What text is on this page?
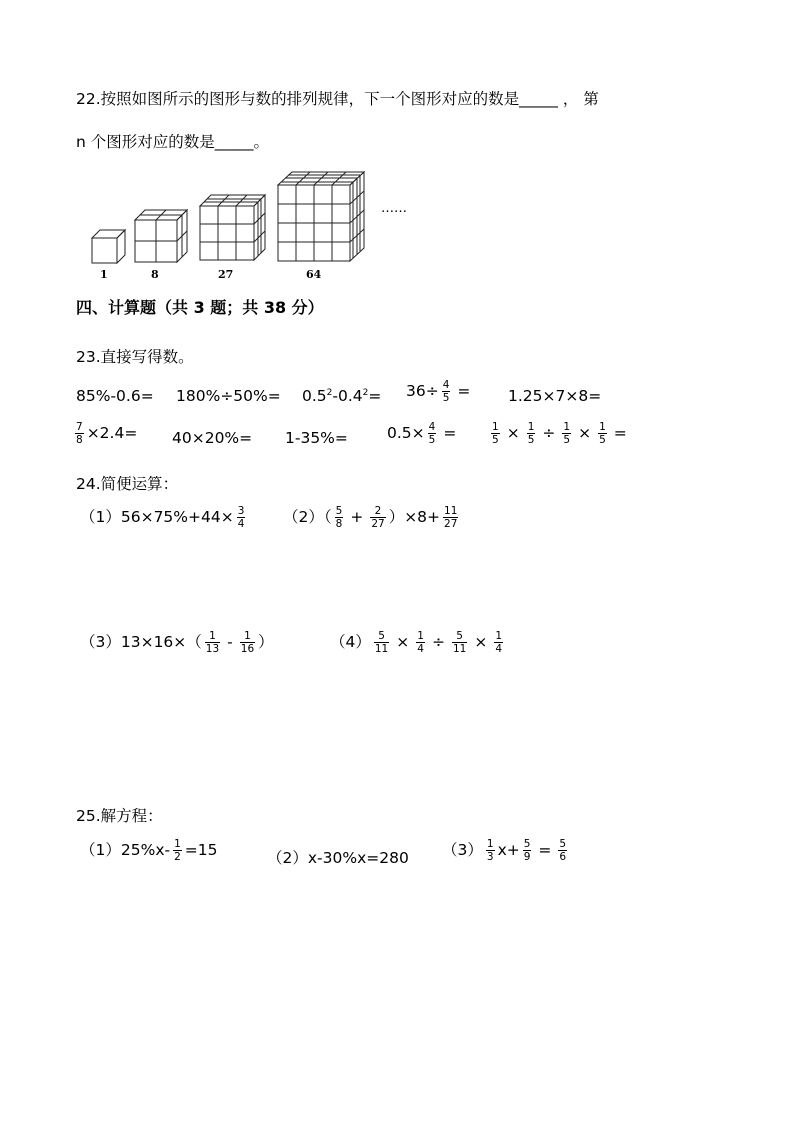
22.按照如图所示的图形与数的排列规律，下一个图形对应的数是_____ ， 第
n 个图形对应的数是_____。
1	8	27	64
……
四、计算题（共 3 题；共 38 分）
23.直接写得数。
$85\%-0.6= 180\%\div 50\%= 0.5^2-0.4^2= 36\div \frac{4}{5} = 1.25\times 7\times 8=$
$\frac{7}{8} \times 2.4= 40\times 20\%= 1-35\%=$	$0.5\times \frac{4}{5}$ =	$\frac{1}{5} \times \frac{1}{5} \div \frac{1}{5} \times \frac{1}{5}$ =
24.简便运算：
$(1)56\times 75\%+44\times \frac{3}{4} (2)( \frac{5}{8} + \frac{2}{27} )\times 8+ \frac{11}{27}$
$(3)13\times 16\times( \frac{1}{13} - \frac{1}{16}$ ）	$(4) \frac{5}{11} \times \frac{1}{4} \div \frac{5}{11} \times \frac{1}{4}$
25.解方程：
$(1)25\%x- \frac{1}{2} =15$	（2）x-30%x=280 $(3) \frac{1}{3} x+ \frac{5}{9} = \frac{5}{6}$
